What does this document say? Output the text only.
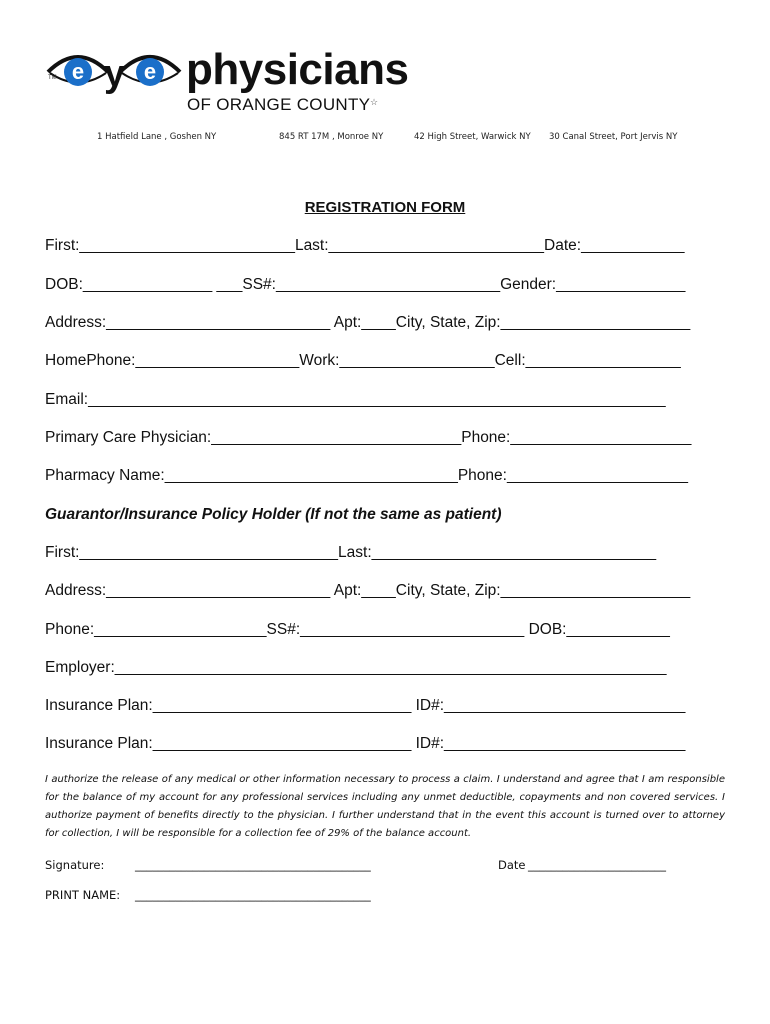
e y e
TM	physicians
OF ORANGE COUNTY ☆
1 Hatfield Lane , Goshen NY	845 RT 17M , Monroe NY	42 High Street, Warwick NY 30 Canal Street, Port Jervis NY
REGISTRATION FORM
First:_________________________Last:_________________________Date:____________
DOB:_______________ ___SS#:__________________________Gender:_______________
Address:__________________________ Apt:____City, State, Zip:______________________
HomePhone:___________________Work:__________________Cell:__________________
Email:___________________________________________________________________
Primary Care Physician:_____________________________Phone:_____________________
Pharmacy Name:__________________________________Phone:_____________________
Guarantor/Insurance Policy Holder (If not the same as patient)
First:______________________________Last:_________________________________
Address:__________________________ Apt:____City, State, Zip:______________________
Phone:____________________SS#:__________________________ DOB:____________
Employer:________________________________________________________________
Insurance Plan:______________________________ ID#:____________________________
Insurance Plan:______________________________ ID#:____________________________
I authorize the release of any medical or other information necessary to process a claim. I understand and agree that I am responsible for the balance of my account for any professional services including any unmet deductible, copayments and non covered services. I authorize payment of benefits directly to the physician. I further understand that in the event this account is turned over to attorney for collection, I will be responsible for a collection fee of 29% of the balance account.
Signature:	_________________________________________	Date ________________________
PRINT NAME: _________________________________________
